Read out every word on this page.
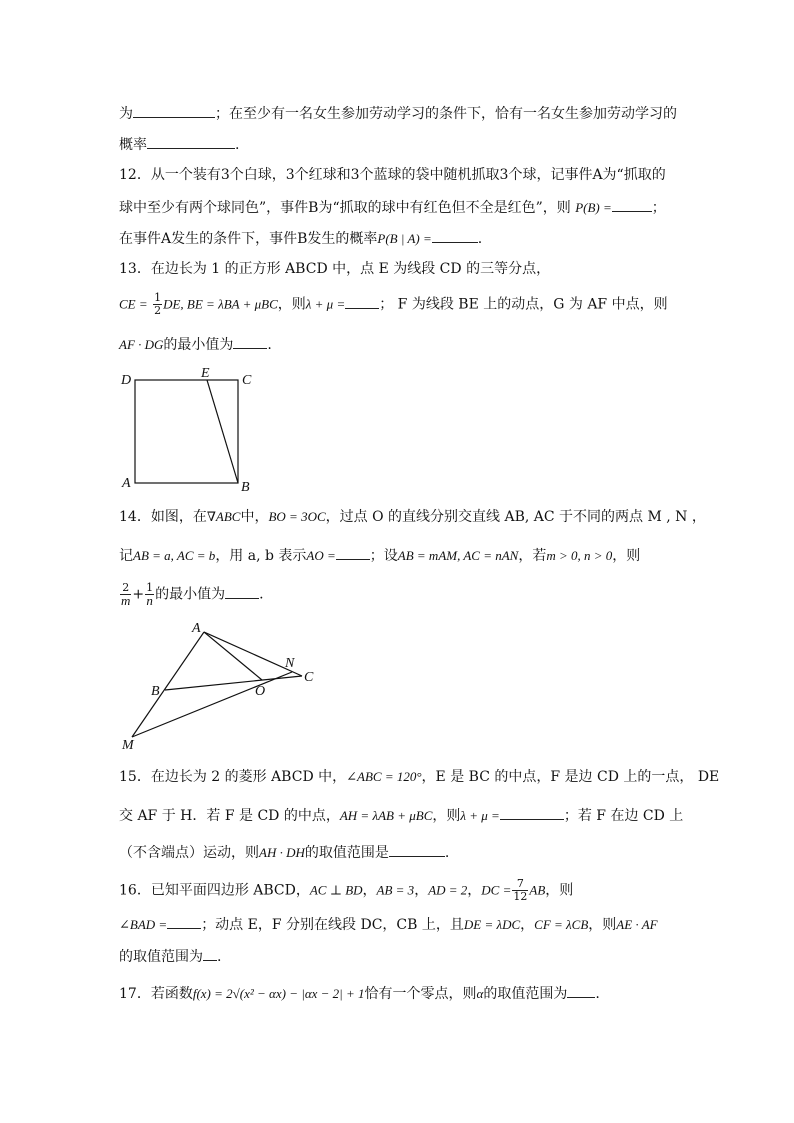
为	；在至少有一名女生参加劳动学习的条件下，恰有一名女生参加劳动学习的
概率	.
12．从一个装有3个白球，3个红球和3个蓝球的袋中随机抓取3个球，记事件A为“抓取的
球中至少有两个球同色”，事件B为“抓取的球中有红色但不全是红色”，则 P(B) =	；
在事件A发生的条件下，事件B发生的概率P(B | A) =	.
13．在边长为 1 的正方形 ABCD 中，点 E 为线段 CD 的三等分点，
CE = $\frac{1}{2}$ DE, BE = λBA + μBC，则λ + μ = ； F 为线段 BE 上的动点，G 为 AF 中点，则
AF · DG的最小值为 .
D	E C
A	B
14．如图，在∇ABC中，BO = 3OC，过点 O 的直线分别交直线 AB, AC 于不同的两点 M , N ，
记AB = a, AC = b，用 a, b 表示AO = ；设AB = mAM, AC = nAN，若m > 0, n > 0，则
$\frac{2}{m} + \frac{1}{n}$ 的最小值为 .
A
N
C
B	O
M
15．在边长为 2 的菱形 ABCD 中，∠ABC = 120°，E 是 BC 的中点，F 是边 CD 上的一点， DE
交 AF 于 H．若 F 是 CD 的中点，AH = λAB + μBC，则λ + μ =	；若 F 在边 CD 上
（不含端点）运动，则AH · DH的取值范围是	.
16．已知平面四边形 ABCD，AC ⊥ BD，AB = 3，AD = 2，DC = $\frac{7}{12}$ AB，则
∠BAD = ；动点 E，F 分别在线段 DC，CB 上，且DE = λDC，CF = λCB，则AE · AF
的取值范围为 .
17．若函数f(x) = 2√(x² − αx) − |αx − 2| + 1恰有一个零点，则α的取值范围为 .
